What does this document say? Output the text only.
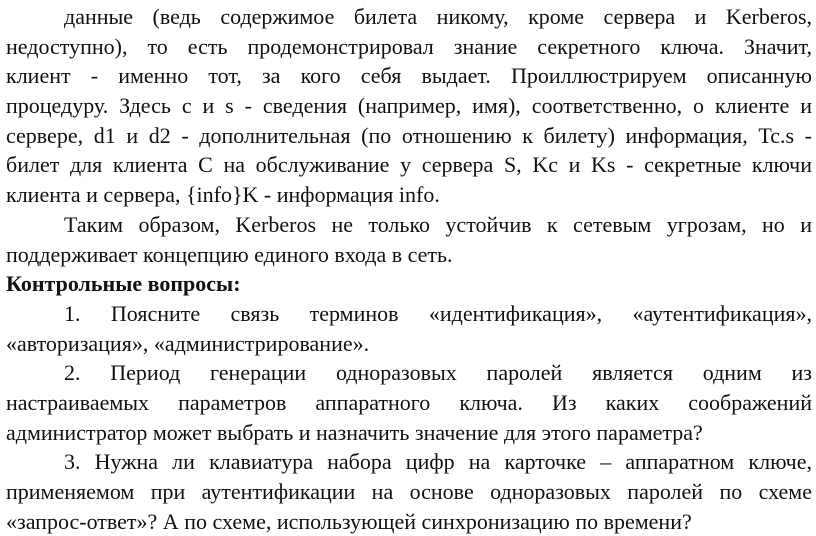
данные (ведь содержимое билета никому, кроме сервера и Kerberos,
недоступно), то есть продемонстрировал знание секретного ключа. Значит,
клиент - именно тот, за кого себя выдает. Проиллюстрируем описанную
процедуру. Здесь c и s - сведения (например, имя), соответственно, о клиенте и
сервере, d1 и d2 - дополнительная (по отношению к билету) информация, Tc.s -
билет для клиента C на обслуживание у сервера S, Kc и Ks - секретные ключи
клиента и сервера, {info}K - информация info.
Таким образом, Kerberos не только устойчив к сетевым угрозам, но и
поддерживает концепцию единого входа в сеть.
Контрольные вопросы:
1. Поясните связь терминов «идентификация», «аутентификация»,
«авторизация», «администрирование».
2. Период генерации одноразовых паролей является одним из
настраиваемых параметров аппаратного ключа. Из каких соображений
администратор может выбрать и назначить значение для этого параметра?
3. Нужна ли клавиатура набора цифр на карточке – аппаратном ключе,
применяемом при аутентификации на основе одноразовых паролей по схеме
«запрос-ответ»? А по схеме, использующей синхронизацию по времени?
